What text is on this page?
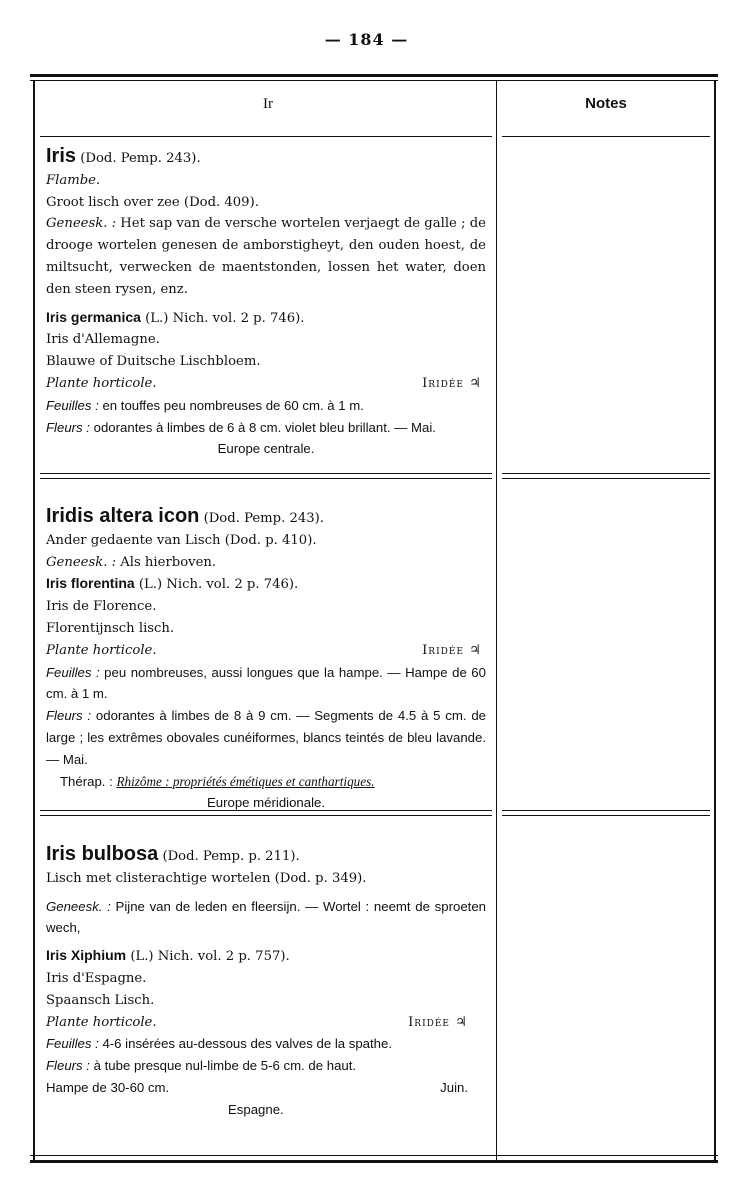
— 184 —
Ir	Notes
Iris (Dod. Pemp. 243).
Flambe.
Groot lisch over zee (Dod. 409).
Geneesk. : Het sap van de versche wortelen verjaegt de galle ; de drooge wortelen genesen de amborstigheyt, den ouden hoest, de miltsucht, verwecken de maentstonden, lossen het water, doen den steen rysen, enz.
Iris germanica (L.) Nich. vol. 2 p. 746).
Iris d'Allemagne.
Blauwe of Duitsche Lischbloem.
Plante horticole.	Iridée ♃
Feuilles : en touffes peu nombreuses de 60 cm. à 1 m.
Fleurs : odorantes à limbes de 6 à 8 cm. violet bleu brillant. — Mai.
Europe centrale.
Iridis altera icon (Dod. Pemp. 243).
Ander gedaente van Lisch (Dod. p. 410).
Geneesk. : Als hierboven.
Iris florentina (L.) Nich. vol. 2 p. 746).
Iris de Florence.
Florentijnsch lisch.
Plante horticole.	Iridée ♃
Feuilles : peu nombreuses, aussi longues que la hampe. — Hampe de 60 cm. à 1 m.
Fleurs : odorantes à limbes de 8 à 9 cm. — Segments de 4.5 à 5 cm. de large ; les extrêmes obovales cunéiformes, blancs teintés de bleu lavande. — Mai.
Thérap. : Rhizôme : propriétés émétiques et canthartiques.
Europe méridionale.
Iris bulbosa (Dod. Pemp. p. 211).
Lisch met clisterachtige wortelen (Dod. p. 349).
Geneesk. : Pijne van de leden en fleersijn. — Wortel : neemt de sproeten wech,
Iris Xiphium (L.) Nich. vol. 2 p. 757).
Iris d'Espagne.
Spaansch Lisch.
Plante horticole.	Iridée ♃
Feuilles : 4-6 insérées au-dessous des valves de la spathe.
Fleurs : à tube presque nul-limbe de 5-6 cm. de haut.
Hampe de 30-60 cm.	Juin.
Espagne.
